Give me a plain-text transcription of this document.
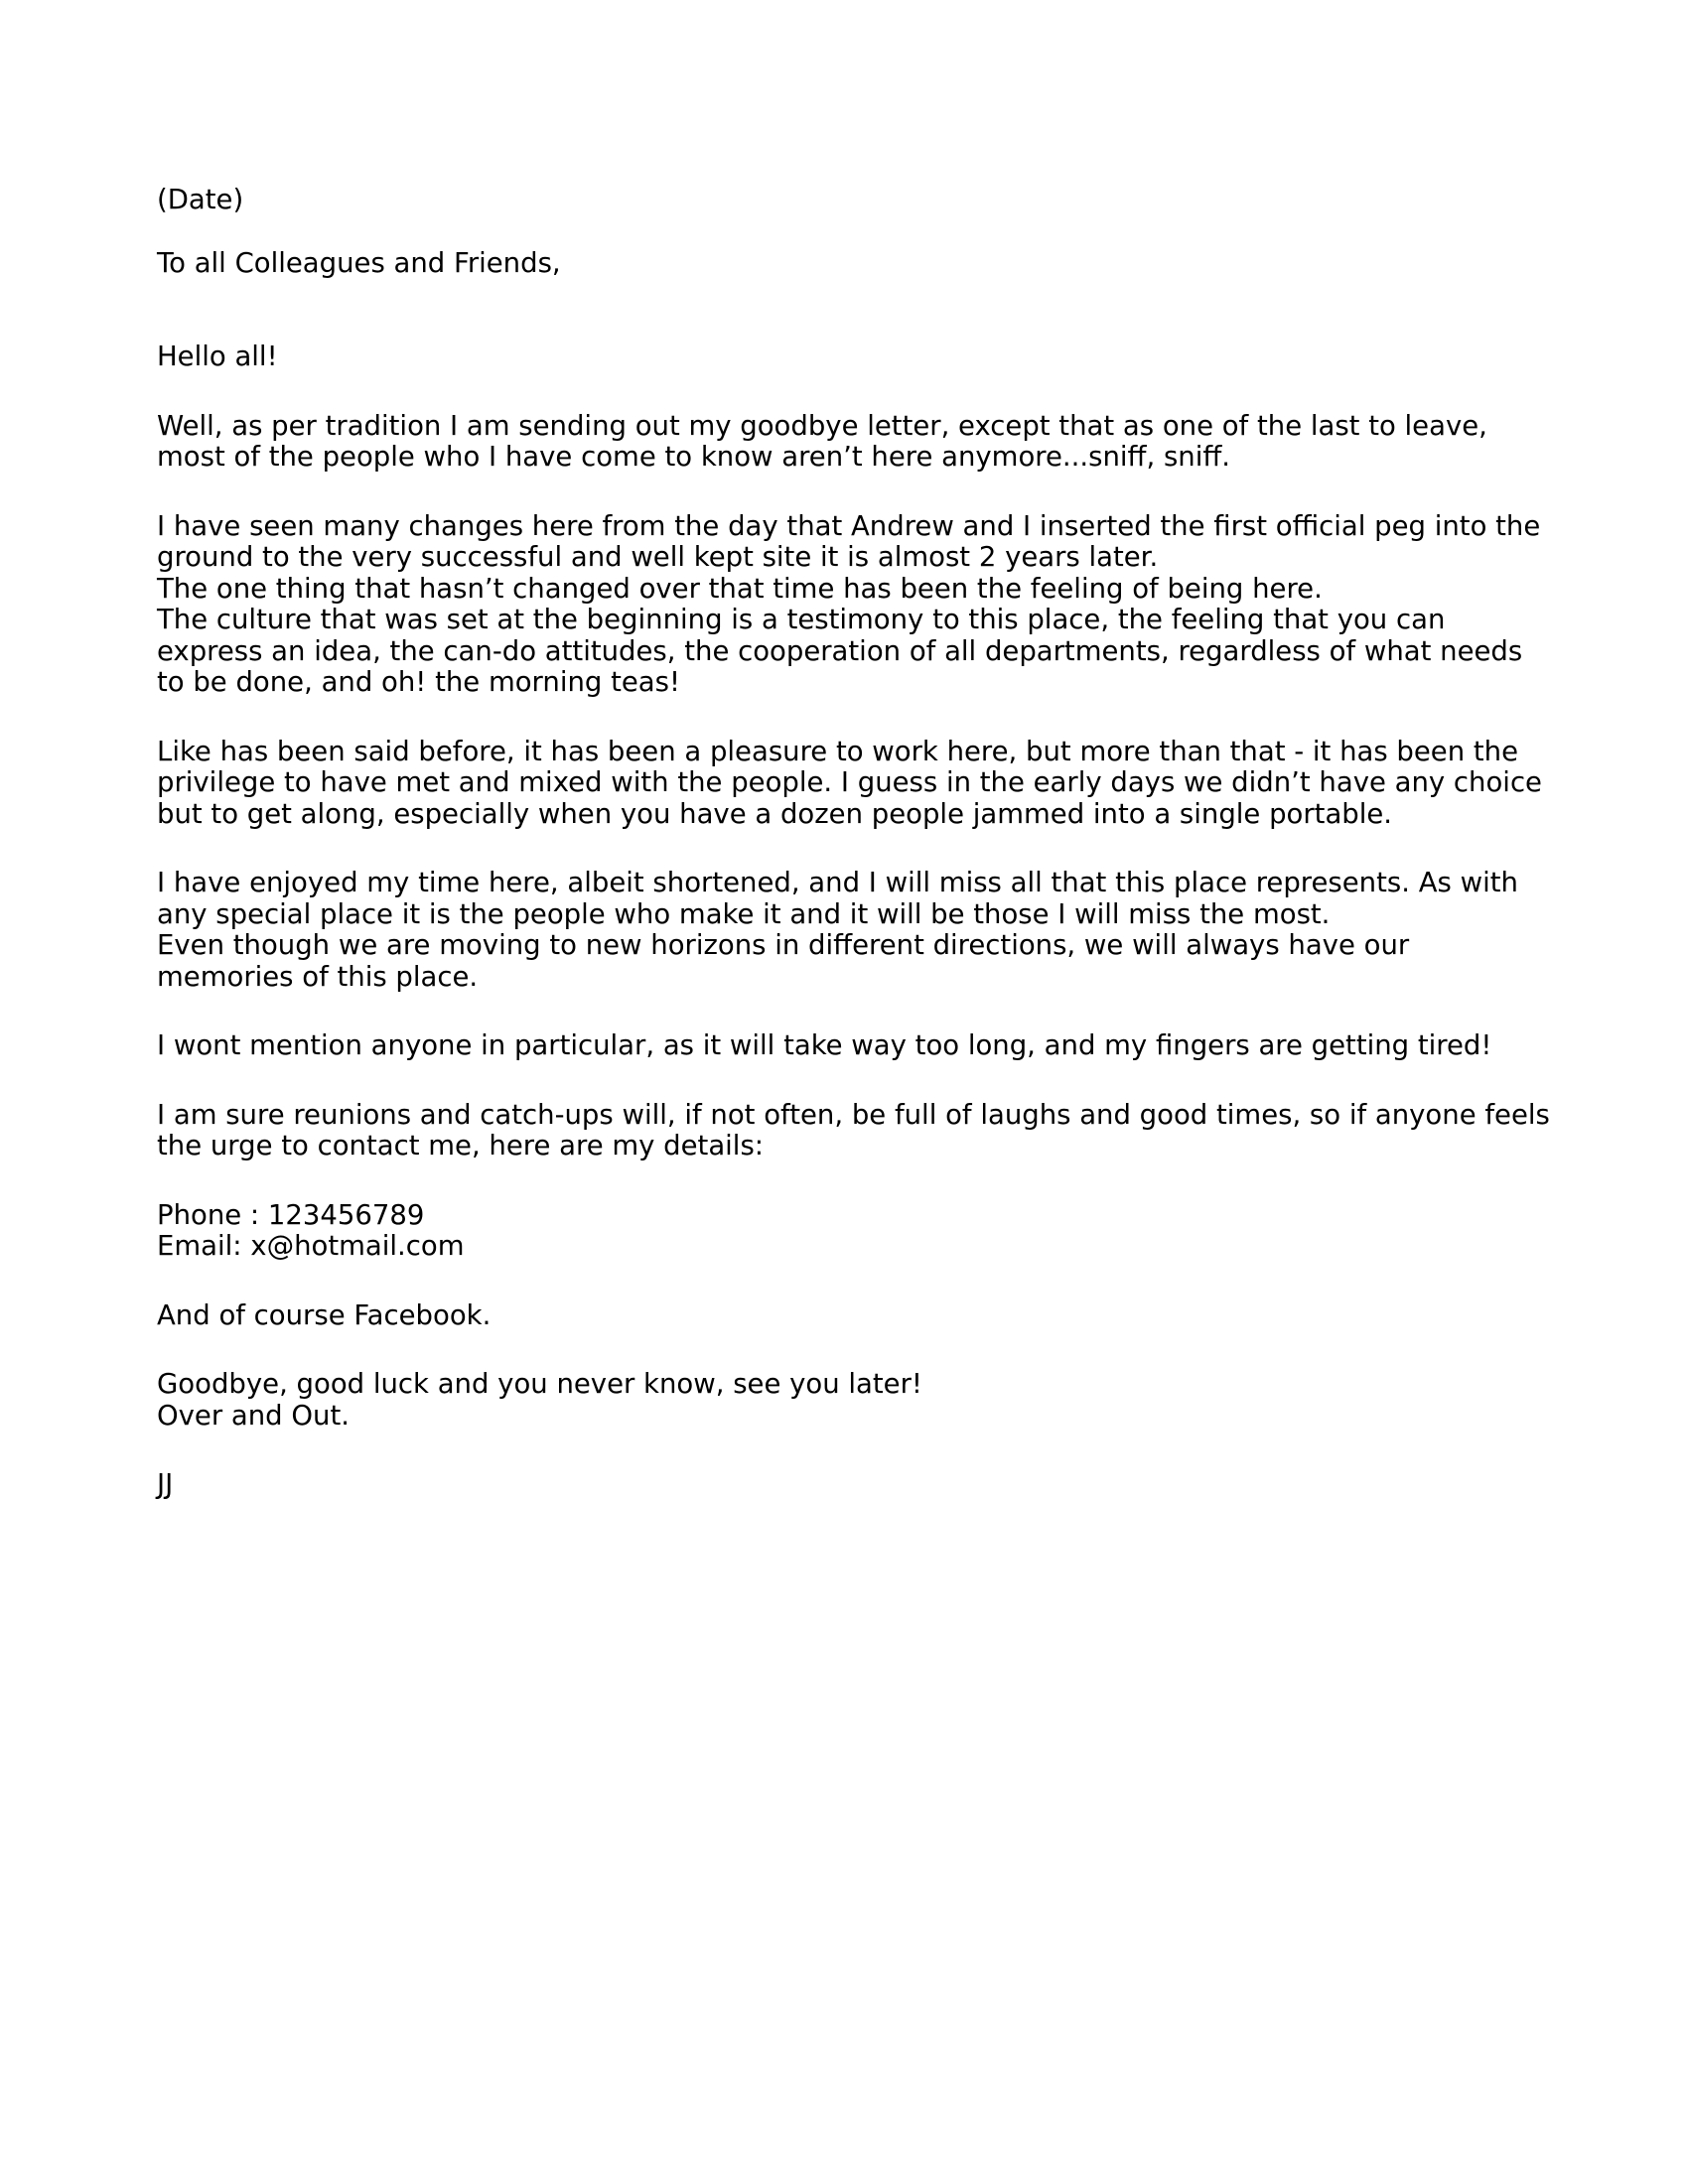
(Date)

To all Colleagues and Friends,

Hello all!

Well, as per tradition I am sending out my goodbye letter, except that as one of the last to leave,
most of the people who I have come to know aren’t here anymore...sniff, sniff.

I have seen many changes here from the day that Andrew and I inserted the first official peg into the
ground to the very successful and well kept site it is almost 2 years later.
The one thing that hasn’t changed over that time has been the feeling of being here.
The culture that was set at the beginning is a testimony to this place, the feeling that you can
express an idea, the can-do attitudes, the cooperation of all departments, regardless of what needs
to be done, and oh! the morning teas!

Like has been said before, it has been a pleasure to work here, but more than that - it has been the
privilege to have met and mixed with the people. I guess in the early days we didn’t have any choice
but to get along, especially when you have a dozen people jammed into a single portable.

I have enjoyed my time here, albeit shortened, and I will miss all that this place represents. As with
any special place it is the people who make it and it will be those I will miss the most.
Even though we are moving to new horizons in different directions, we will always have our
memories of this place.

I wont mention anyone in particular, as it will take way too long, and my fingers are getting tired!

I am sure reunions and catch-ups will, if not often, be full of laughs and good times, so if anyone feels
the urge to contact me, here are my details:

Phone : 123456789
Email: x@hotmail.com

And of course Facebook.

Goodbye, good luck and you never know, see you later!
Over and Out.

JJ
